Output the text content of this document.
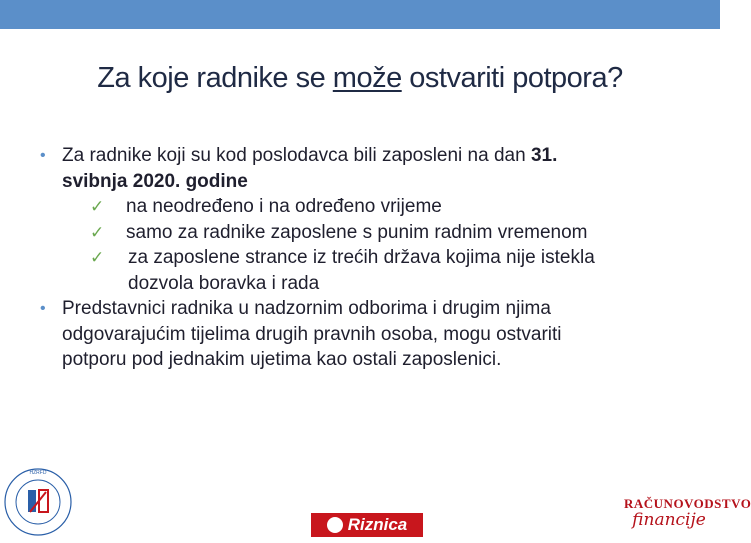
Za koje radnike se može ostvariti potpora?
• Za radnike koji su kod poslodavca bili zaposleni na dan 31.
svibnja 2020. godine
✓ na neodređeno i na određeno vrijeme
✓ samo za radnike zaposlene s punim radnim vremenom
✓ za zaposlene strance iz trećih država kojima nije istekla
dozvola boravka i rada
• Predstavnici radnika u nadzornim odborima i drugim njima
odgovarajućim tijelima drugih pravnih osoba, mogu ostvariti
potporu pod jednakim ujetima kao ostali zaposlenici.
HZRFD
Riznica
RAČUNOVODSTVO
financije
